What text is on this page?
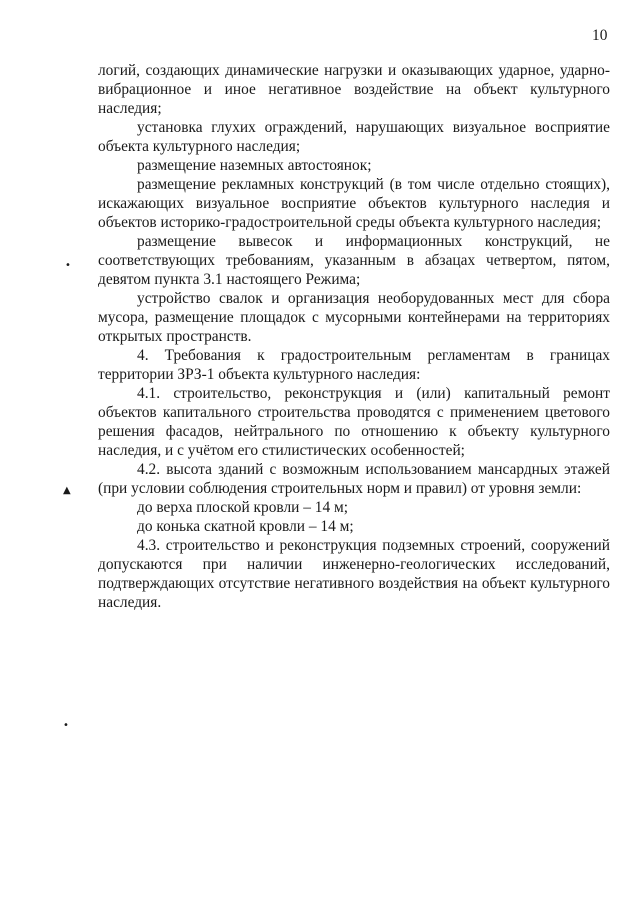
10

логий, создающих динамические нагрузки и оказывающих ударное, ударно-вибрационное и иное негативное воздействие на объект культурного наследия;

установка глухих ограждений, нарушающих визуальное восприятие объекта культурного наследия;

размещение наземных автостоянок;

размещение рекламных конструкций (в том числе отдельно стоящих), искажающих визуальное восприятие объектов культурного наследия и объектов историко-градостроительной среды объекта культурного наследия;

размещение вывесок и информационных конструкций, не соответствующих требованиям, указанным в абзацах четвертом, пятом, девятом пункта 3.1 настоящего Режима;

устройство свалок и организация необорудованных мест для сбора мусора, размещение площадок с мусорными контейнерами на территориях открытых пространств.

4. Требования к градостроительным регламентам в границах территории ЗРЗ-1 объекта культурного наследия:

4.1. строительство, реконструкция и (или) капитальный ремонт объектов капитального строительства проводятся с применением цветового решения фасадов, нейтрального по отношению к объекту культурного наследия, и с учётом его стилистических особенностей;

4.2. высота зданий с возможным использованием мансардных этажей (при условии соблюдения строительных норм и правил) от уровня земли:

до верха плоской кровли – 14 м;

до конька скатной кровли – 14 м;

4.3. строительство и реконструкция подземных строений, сооружений допускаются при наличии инженерно-геологических исследований, подтверждающих отсутствие негативного воздействия на объект культурного наследия.

•
▲
•
